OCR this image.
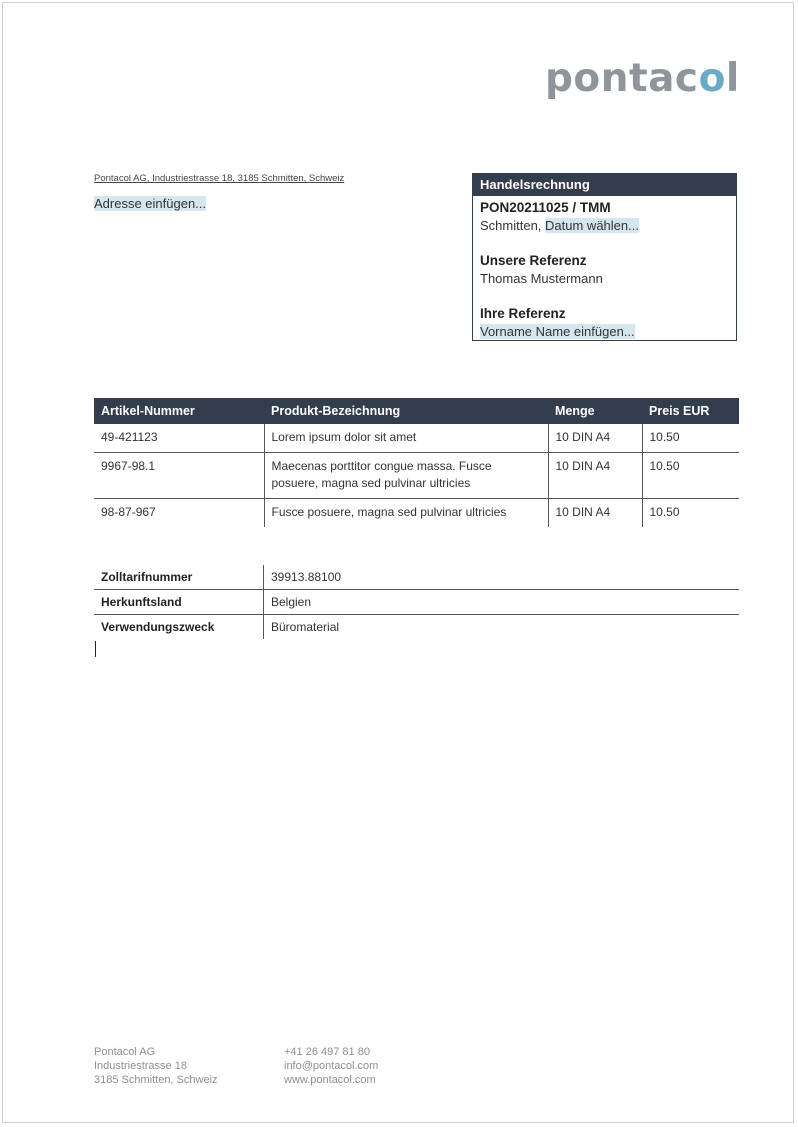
pontacol
Pontacol AG, Industriestrasse 18, 3185 Schmitten, Schweiz
Adresse einfügen...
Handelsrechnung
PON20211025 / TMM
Schmitten, Datum wählen...
Unsere Referenz
Thomas Mustermann
Ihre Referenz
Vorname Name einfügen...
Artikel-Nummer	Produkt-Bezeichnung	Menge	Preis EUR
49-421123	Lorem ipsum dolor sit amet	10 DIN A4	10.50
9967-98.1	Maecenas porttitor congue massa. Fusce posuere, magna sed pulvinar ultricies	10 DIN A4	10.50
98-87-967	Fusce posuere, magna sed pulvinar ultricies	10 DIN A4	10.50
Zolltarifnummer	39913.88100
Herkunftsland	Belgien
Verwendungszweck	Büromaterial
Pontacol AG
Industriestrasse 18
3185 Schmitten, Schweiz
+41 26 497 81 80
info@pontacol.com
www.pontacol.com
